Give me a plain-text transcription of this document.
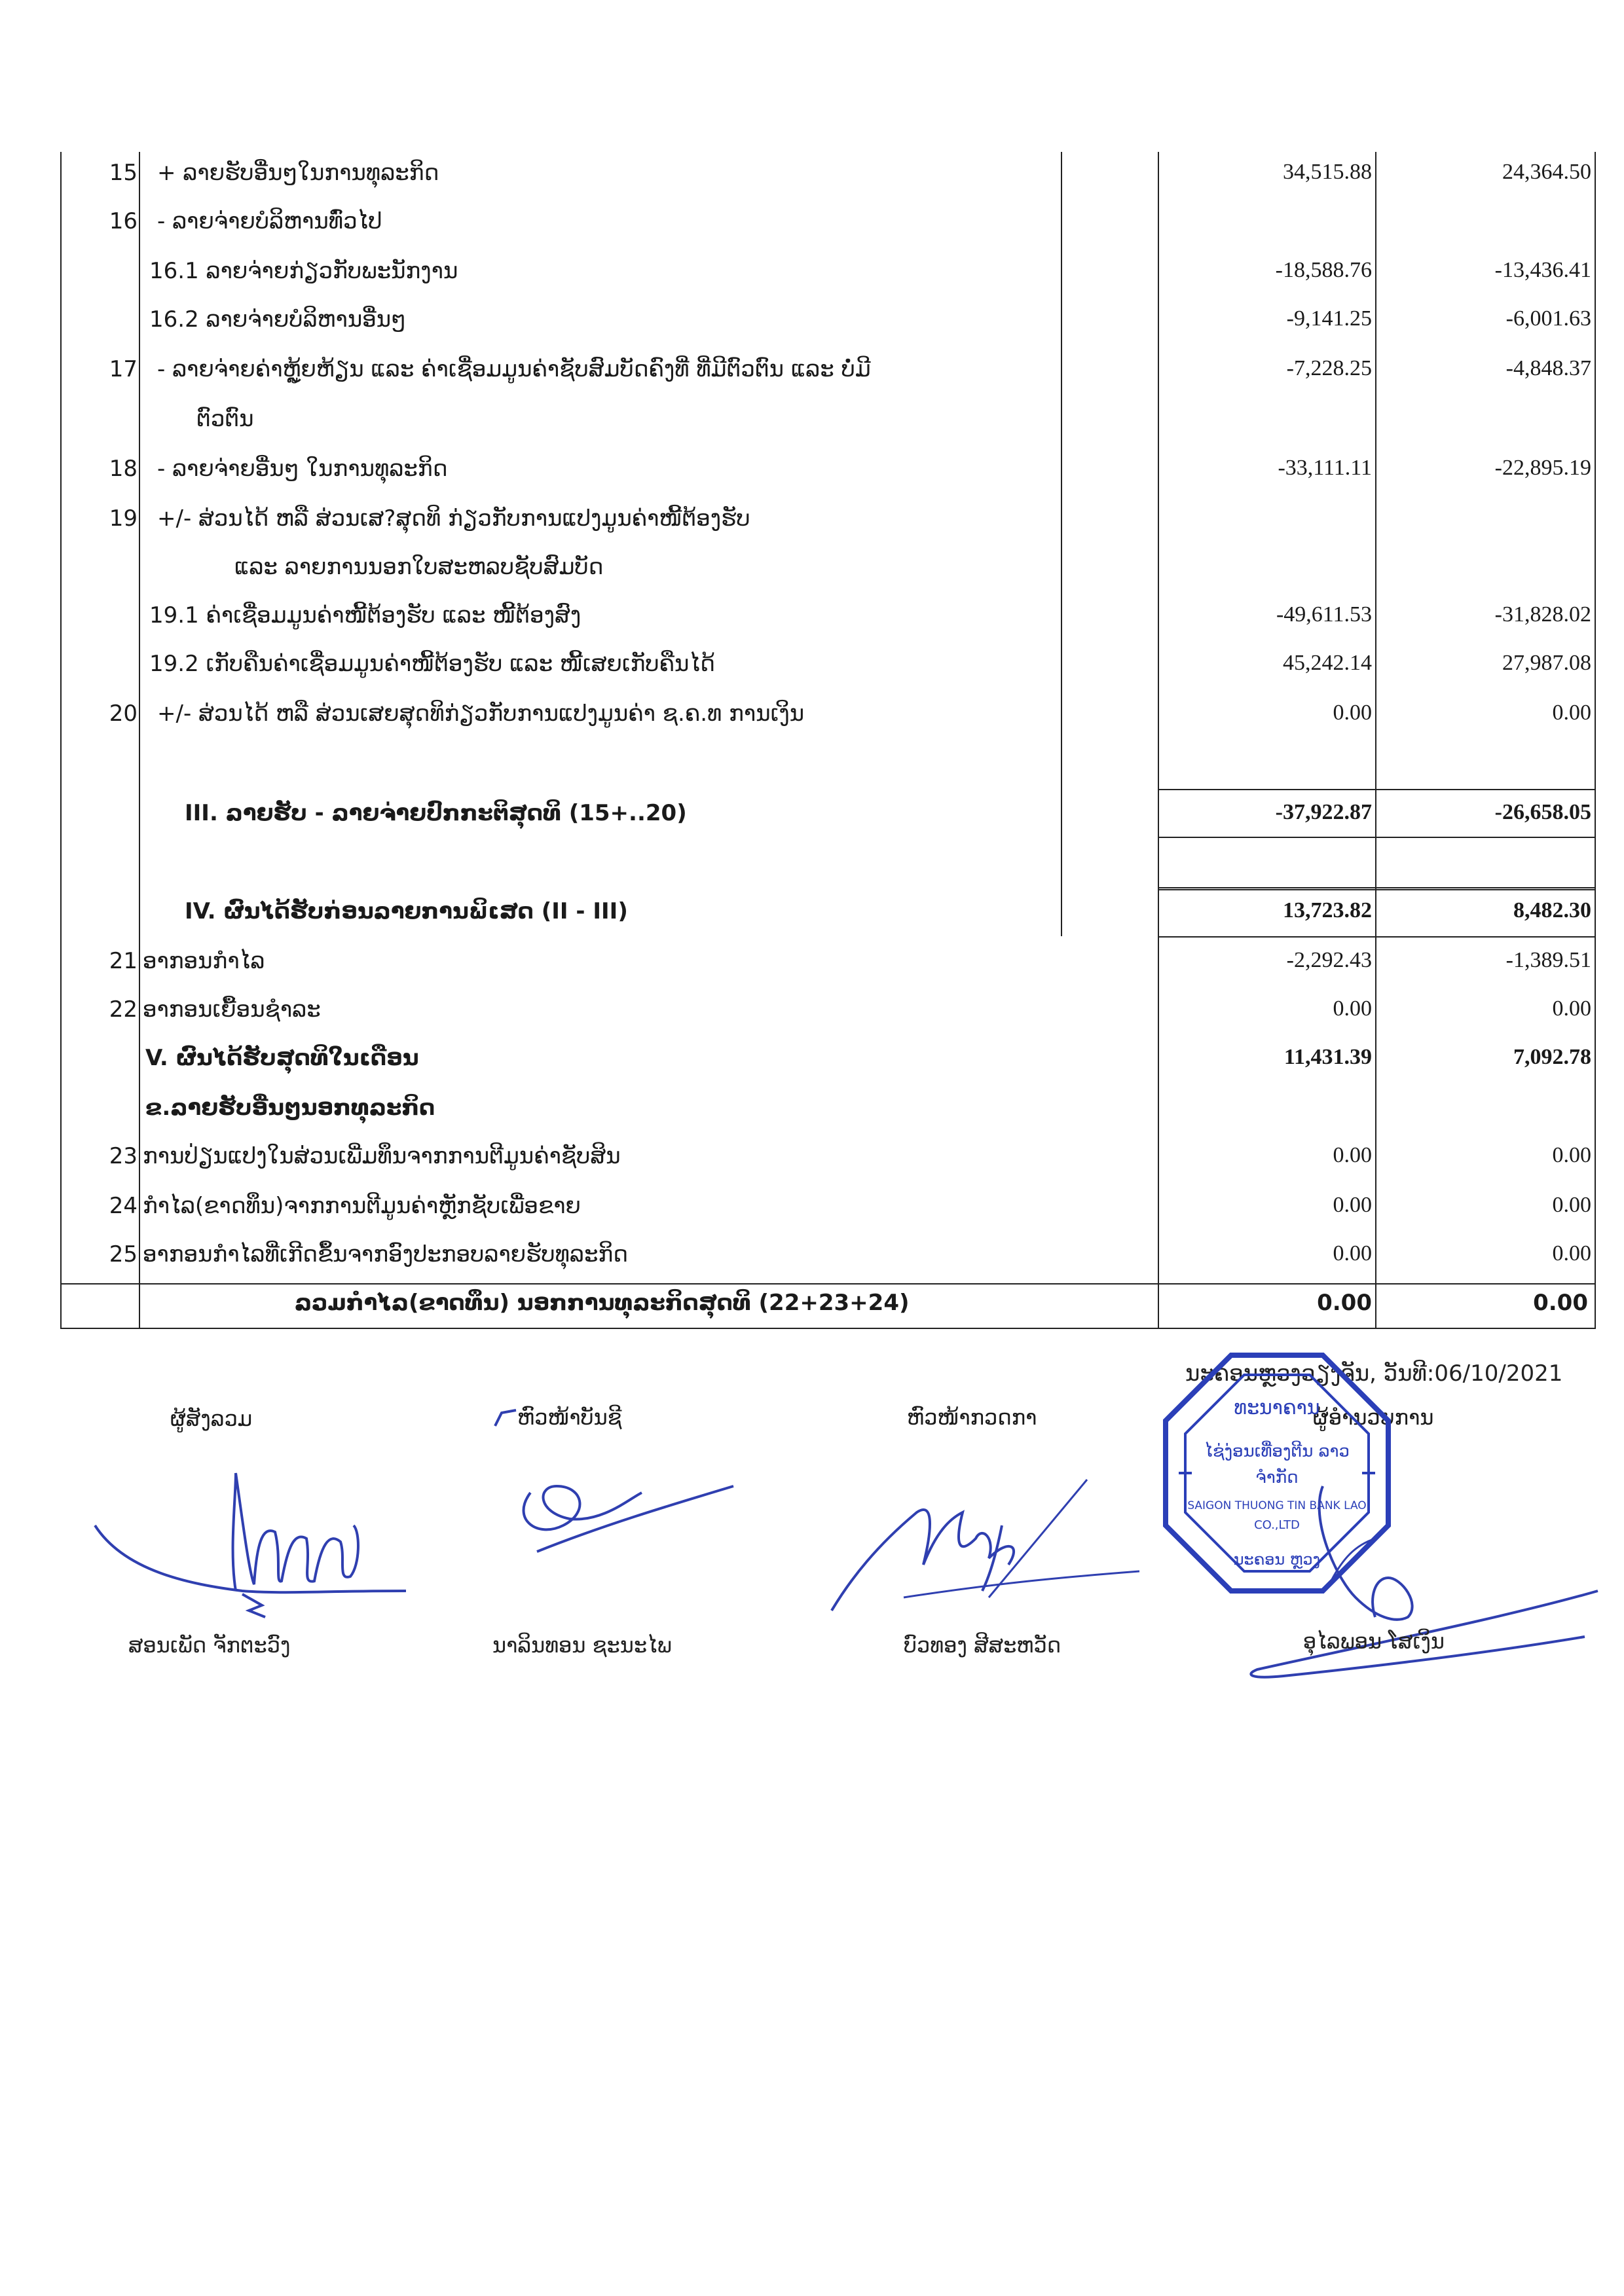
15 + ລາຍຮັບອື່ນໆໃນການທຸລະກິດ	34,515.88	24,364.50
16 - ລາຍຈ່າຍບໍລິຫານທົ່ວໄປ
16.1 ລາຍຈ່າຍກ່ຽວກັບພະນັກງານ	-18,588.76	-13,436.41
16.2 ລາຍຈ່າຍບໍລິຫານອື່ນໆ	-9,141.25	-6,001.63
17 - ລາຍຈ່າຍຄ່າຫຼູ້ຍຫ້ຽນ ແລະ ຄ່າເຊື່ອມມູນຄ່າຊັບສົມບັດຄົງທີ່ ທີ່ມີຕົວຕົນ ແລະ ບໍ່ມີ	-7,228.25	-4,848.37
ຕົວຕົນ
18 - ລາຍຈ່າຍອື່ນໆ ໃນການທຸລະກິດ	-33,111.11	-22,895.19
19 +/- ສ່ວນໄດ້ ຫລື ສ່ວນເສ?ສຸດທິ ກ່ຽວກັບການແປງມູນຄ່າໜີ້ຕ້ອງຮັບ
ແລະ ລາຍການນອກໃບສະຫລບຊັບສົມບັດ
19.1 ຄ່າເຊື່ອມມູນຄ່າໜີ້ຕ້ອງຮັບ ແລະ ໜີ້ຕ້ອງສົງ	-49,611.53	-31,828.02
19.2 ເກັບຄືນຄ່າເຊື່ອມມູນຄ່າໜີ້ຕ້ອງຮັບ ແລະ ໜີ້ເສຍເກັບຄືນໄດ້	45,242.14	27,987.08
20 +/- ສ່ວນໄດ້ ຫລື ສ່ວນເສຍສຸດທິກ່ຽວກັບການແປງມູນຄ່າ ຊ.ຄ.ທ ການເງິນ	0.00	0.00
III. ລາຍຮັບ - ລາຍຈ່າຍປົກກະຕິສຸດທິ (15+..20)	-37,922.87	-26,658.05
IV. ຜົນໄດ້ຮັບກ່ອນລາຍການພິເສດ (II - III)	13,723.82	8,482.30
21 ອາກອນກຳໄລ	-2,292.43	-1,389.51
22 ອາກອນເຍື້ອນຊຳລະ	0.00	0.00
V. ຜົນໄດ້ຮັບສຸດທິໃນເດືອນ	11,431.39	7,092.78
ຂ.ລາຍຮັບອື່ນໆນອກທຸລະກິດ
23 ການປ່ຽນແປງໃນສ່ວນເພີ່ມທຶນຈາກການຕີມູນຄ່າຊັບສິນ	0.00	0.00
24 ກຳໄລ(ຂາດທຶນ)ຈາກການຕີມູນຄ່າຫຼັກຊັບເພື່ອຂາຍ	0.00	0.00
25 ອາກອນກຳໄລທີ່ເກີດຂຶ້ນຈາກອົງປະກອບລາຍຮັບທຸລະກິດ	0.00	0.00
ລວມກຳໄລ(ຂາດທຶນ) ນອກການທຸລະກິດສຸດທິ (22+23+24)	0.00	0.00
ນະຄອນຫຼວງວຽງຈັນ, ວັນທີ:06/10/2021
ຜູ້ສັງລວມ	ຫົວໜ້າບັນຊີ	ຫົວໜ້າກວດກາ	ຜູ້ອຳນວຍການ
ທະນາຄານ
ໄຊ່ງ່ອນເທື່ອງຕີນ ລາວ
ຈຳກັດ
SAIGON THUONG TIN BANK LAO
CO.,LTD
ນະຄອນ ຫຼວງ
ສອນເພັດ ຈັກຕະວົງ	ນາລິນທອນ ຊະນະໄພ	ບົວທອງ ສີສະຫວັດ	ອຸໄລພອນ ໂສເງິນ
